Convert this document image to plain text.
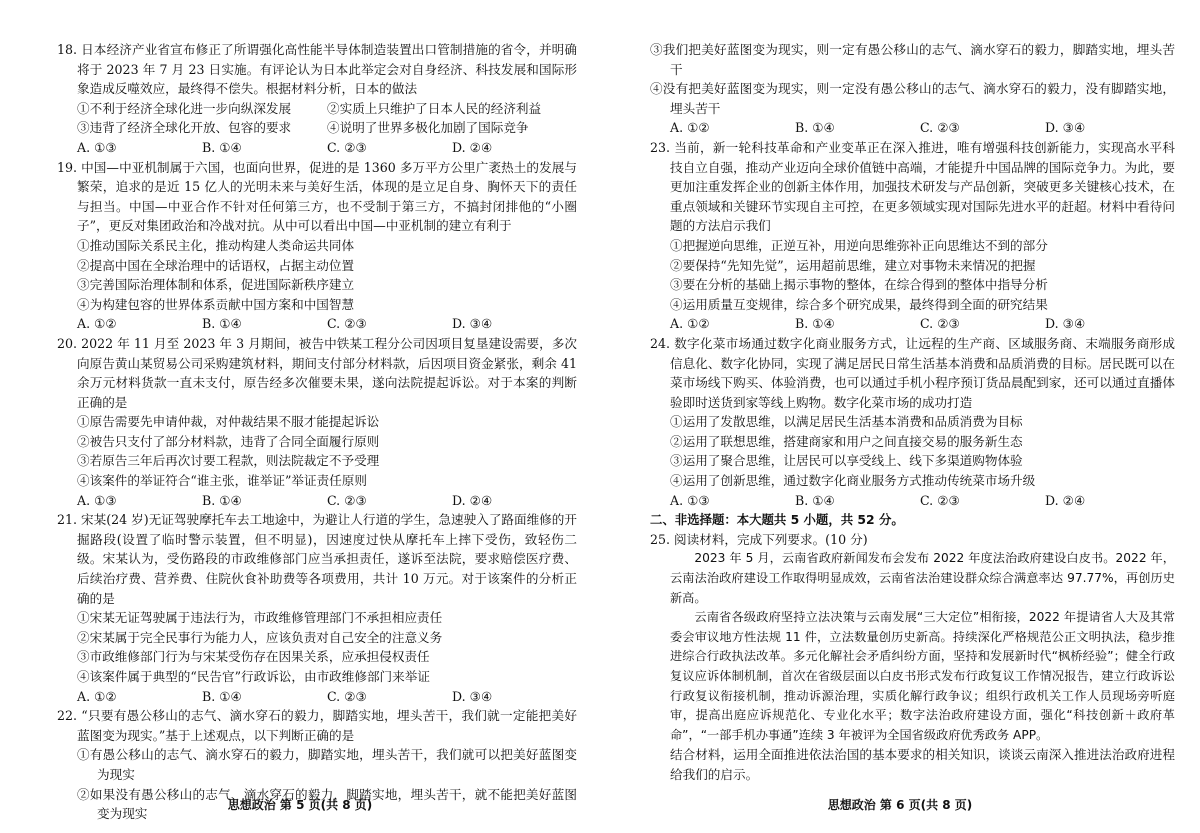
18. 日本经济产业省宣布修正了所谓强化高性能半导体制造装置出口管制措施的省令，并明确将于 2023 年 7 月 23 日实施。有评论认为日本此举定会对自身经济、科技发展和国际形象造成反噬效应，最终得不偿失。根据材料分析，日本的做法
①不利于经济全球化进一步向纵深发展	②实质上只维护了日本人民的经济利益
③违背了经济全球化开放、包容的要求	④说明了世界多极化加剧了国际竞争
A. ①③	B. ①④	C. ②③	D. ②④
19. 中国—中亚机制属于六国，也面向世界，促进的是 1360 多万平方公里广袤热土的发展与繁荣，追求的是近 15 亿人的光明未来与美好生活，体现的是立足自身、胸怀天下的责任与担当。中国—中亚合作不针对任何第三方，也不受制于第三方，不搞封闭排他的“小圈子”，更反对集团政治和冷战对抗。从中可以看出中国—中亚机制的建立有利于
①推动国际关系民主化，推动构建人类命运共同体
②提高中国在全球治理中的话语权，占据主动位置
③完善国际治理体制和体系，促进国际新秩序建立
④为构建包容的世界体系贡献中国方案和中国智慧
A. ①②	B. ①④	C. ②③	D. ③④
20. 2022 年 11 月至 2023 年 3 月期间，被告中铁某工程分公司因项目复垦建设需要，多次向原告黄山某贸易公司采购建筑材料，期间支付部分材料款，后因项目资金紧张，剩余 41 余万元材料货款一直未支付，原告经多次催要未果，遂向法院提起诉讼。对于本案的判断正确的是
①原告需要先申请仲裁，对仲裁结果不服才能提起诉讼
②被告只支付了部分材料款，违背了合同全面履行原则
③若原告三年后再次讨要工程款，则法院裁定不予受理
④该案件的举证符合“谁主张，谁举证”举证责任原则
A. ①③	B. ①④	C. ②③	D. ②④
21. 宋某(24 岁)无证驾驶摩托车去工地途中，为避让人行道的学生，急速驶入了路面维修的开掘路段(设置了临时警示装置，但不明显)，因速度过快从摩托车上摔下受伤，致轻伤二级。宋某认为，受伤路段的市政维修部门应当承担责任，遂诉至法院，要求赔偿医疗费、后续治疗费、营养费、住院伙食补助费等各项费用，共计 10 万元。对于该案件的分析正确的是
①宋某无证驾驶属于违法行为，市政维修管理部门不承担相应责任
②宋某属于完全民事行为能力人，应该负责对自己安全的注意义务
③市政维修部门行为与宋某受伤存在因果关系，应承担侵权责任
④该案件属于典型的“民告官”行政诉讼，由市政维修部门来举证
A. ①②	B. ①④	C. ②③	D. ③④
22. “只要有愚公移山的志气、滴水穿石的毅力，脚踏实地，埋头苦干，我们就一定能把美好蓝图变为现实。”基于上述观点，以下判断正确的是
①有愚公移山的志气、滴水穿石的毅力，脚踏实地，埋头苦干，我们就可以把美好蓝图变为现实
②如果没有愚公移山的志气、滴水穿石的毅力，脚踏实地，埋头苦干，就不能把美好蓝图变为现实
思想政治 第 5 页(共 8 页)
③我们把美好蓝图变为现实，则一定有愚公移山的志气、滴水穿石的毅力，脚踏实地，埋头苦干
④没有把美好蓝图变为现实，则一定没有愚公移山的志气、滴水穿石的毅力，没有脚踏实地，埋头苦干
A. ①②	B. ①④	C. ②③	D. ③④
23. 当前，新一轮科技革命和产业变革正在深入推进，唯有增强科技创新能力，实现高水平科技自立自强，推动产业迈向全球价值链中高端，才能提升中国品牌的国际竞争力。为此，要更加注重发挥企业的创新主体作用，加强技术研发与产品创新，突破更多关键核心技术，在重点领域和关键环节实现自主可控，在更多领域实现对国际先进水平的赶超。材料中看待问题的方法启示我们
①把握逆向思维，正逆互补，用逆向思维弥补正向思维达不到的部分
②要保持“先知先觉”，运用超前思维，建立对事物未来情况的把握
③要在分析的基础上揭示事物的整体，在综合得到的整体中指导分析
④运用质量互变规律，综合多个研究成果，最终得到全面的研究结果
A. ①②	B. ①④	C. ②③	D. ③④
24. 数字化菜市场通过数字化商业服务方式，让远程的生产商、区域服务商、末端服务商形成信息化、数字化协同，实现了满足居民日常生活基本消费和品质消费的目标。居民既可以在菜市场线下购买、体验消费，也可以通过手机小程序预订货品晨配到家，还可以通过直播体验即时送货到家等线上购物。数字化菜市场的成功打造
①运用了发散思维，以满足居民生活基本消费和品质消费为目标
②运用了联想思维，搭建商家和用户之间直接交易的服务新生态
③运用了聚合思维，让居民可以享受线上、线下多渠道购物体验
④运用了创新思维，通过数字化商业服务方式推动传统菜市场升级
A. ①③	B. ①④	C. ②③	D. ②④
二、非选择题：本大题共 5 小题，共 52 分。
25. 阅读材料，完成下列要求。(10 分)

2023 年 5 月，云南省政府新闻发布会发布 2022 年度法治政府建设白皮书。2022 年，云南法治政府建设工作取得明显成效，云南省法治建设群众综合满意率达 97.77%，再创历史新高。

云南省各级政府坚持立法决策与云南发展“三大定位”相衔接，2022 年提请省人大及其常委会审议地方性法规 11 件，立法数量创历史新高。持续深化严格规范公正文明执法，稳步推进综合行政执法改革。多元化解社会矛盾纠纷方面，坚持和发展新时代“枫桥经验”；健全行政复议应诉体制机制，首次在省级层面以白皮书形式发布行政复议工作情况报告，建立行政诉讼行政复议衔接机制，推动诉源治理，实质化解行政争议；组织行政机关工作人员现场旁听庭审，提高出庭应诉规范化、专业化水平；数字法治政府建设方面，强化“科技创新＋政府革命”，“一部手机办事通”连续 3 年被评为全国省级政府优秀政务 APP。

结合材料，运用全面推进依法治国的基本要求的相关知识，谈谈云南深入推进法治政府进程给我们的启示。
思想政治 第 6 页(共 8 页)
